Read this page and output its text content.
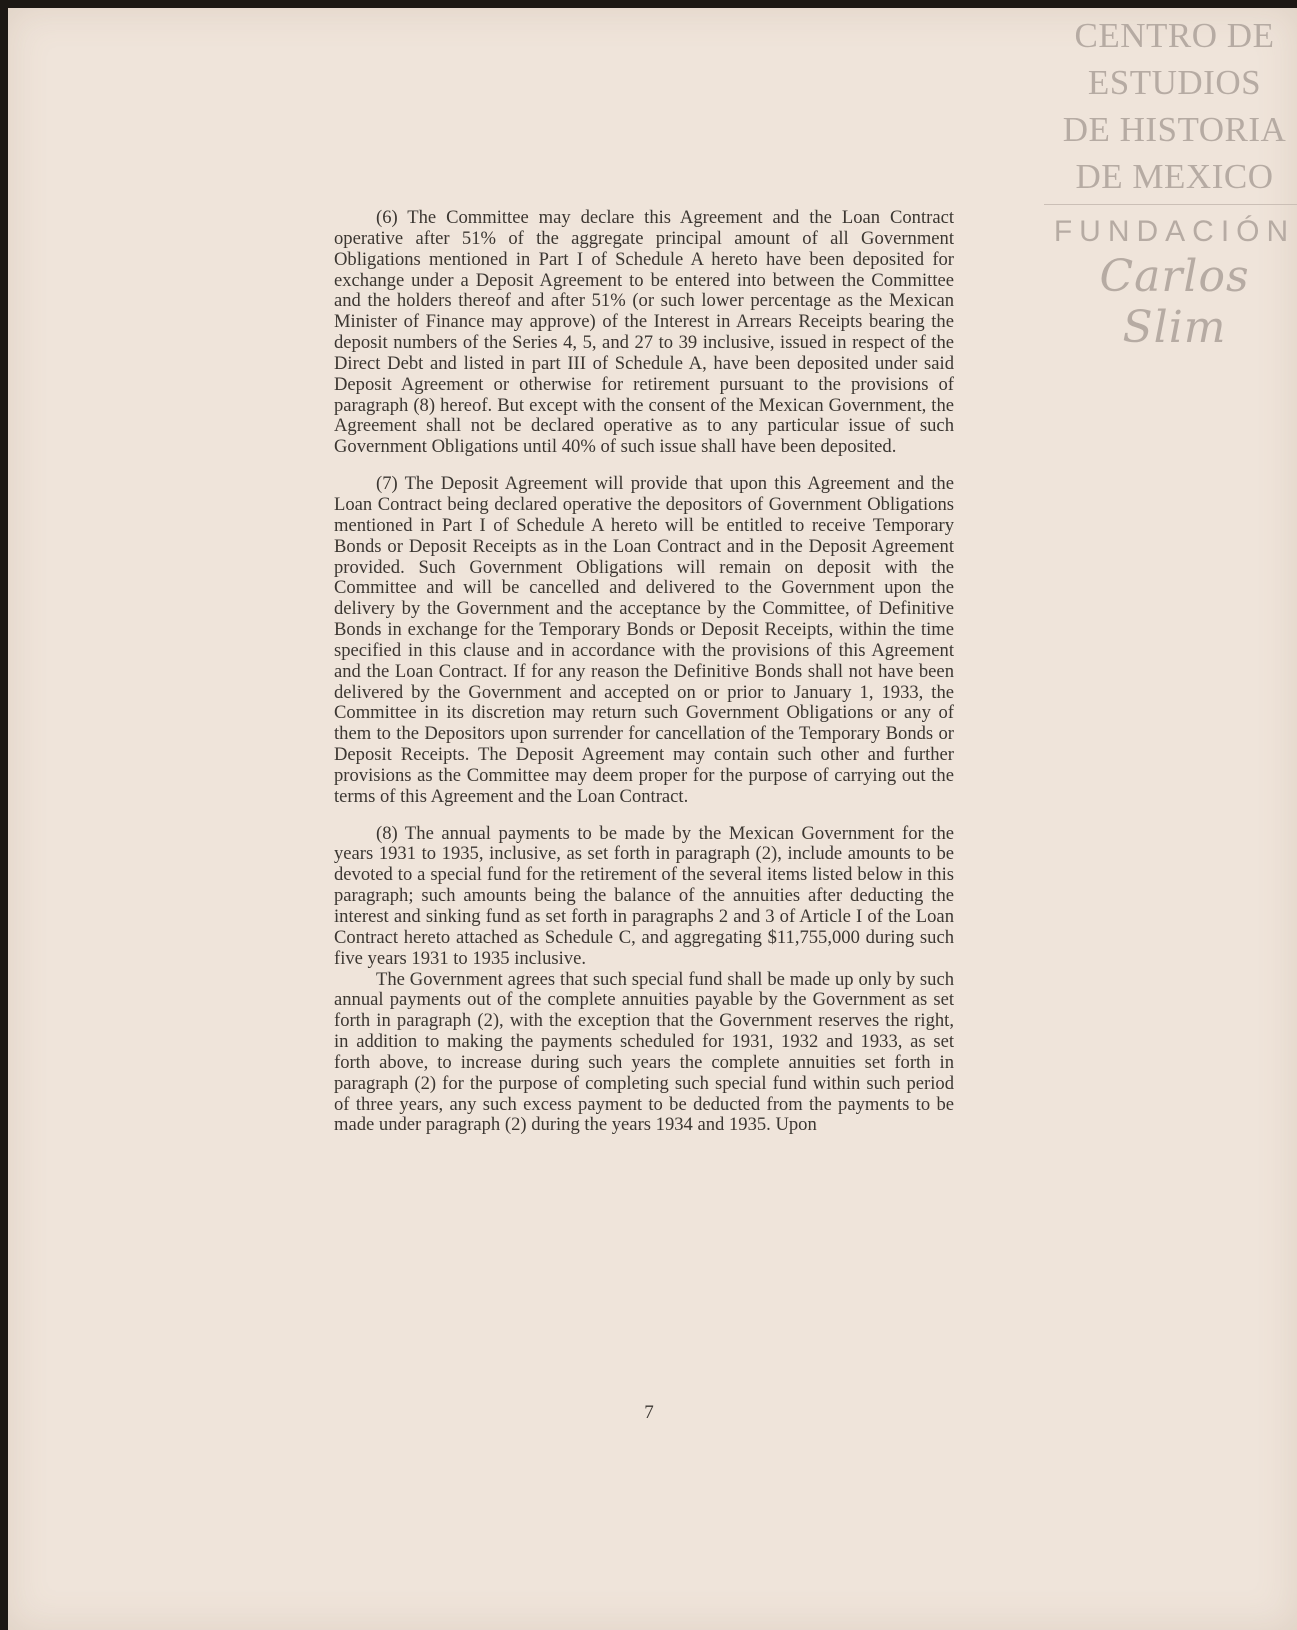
CENTRO DE
ESTUDIOS
DE HISTORIA
DE MEXICO
FUNDACIÓN
Carlos Slim

(6) The Committee may declare this Agreement and the Loan Contract operative after 51% of the aggregate principal amount of all Government Obligations mentioned in Part I of Schedule A hereto have been deposited for exchange under a Deposit Agreement to be entered into between the Committee and the holders thereof and after 51% (or such lower percentage as the Mexican Minister of Finance may approve) of the Interest in Arrears Receipts bearing the deposit numbers of the Series 4, 5, and 27 to 39 inclusive, issued in respect of the Direct Debt and listed in part III of Schedule A, have been deposited under said Deposit Agreement or otherwise for retirement pursuant to the provisions of paragraph (8) hereof. But except with the consent of the Mexican Government, the Agreement shall not be declared operative as to any particular issue of such Government Obligations until 40% of such issue shall have been deposited.

(7) The Deposit Agreement will provide that upon this Agreement and the Loan Contract being declared operative the depositors of Government Obligations mentioned in Part I of Schedule A hereto will be entitled to receive Temporary Bonds or Deposit Receipts as in the Loan Contract and in the Deposit Agreement provided. Such Government Obligations will remain on deposit with the Committee and will be cancelled and delivered to the Government upon the delivery by the Government and the acceptance by the Committee, of Definitive Bonds in exchange for the Temporary Bonds or Deposit Receipts, within the time specified in this clause and in accordance with the provisions of this Agreement and the Loan Contract. If for any reason the Definitive Bonds shall not have been delivered by the Government and accepted on or prior to January 1, 1933, the Committee in its discretion may return such Government Obligations or any of them to the Depositors upon surrender for cancellation of the Temporary Bonds or Deposit Receipts. The Deposit Agreement may contain such other and further provisions as the Committee may deem proper for the purpose of carrying out the terms of this Agreement and the Loan Contract.

(8) The annual payments to be made by the Mexican Government for the years 1931 to 1935, inclusive, as set forth in paragraph (2), include amounts to be devoted to a special fund for the retirement of the several items listed below in this paragraph; such amounts being the balance of the annuities after deducting the interest and sinking fund as set forth in paragraphs 2 and 3 of Article I of the Loan Contract hereto attached as Schedule C, and aggregating $11,755,000 during such five years 1931 to 1935 inclusive.

The Government agrees that such special fund shall be made up only by such annual payments out of the complete annuities payable by the Government as set forth in paragraph (2), with the exception that the Government reserves the right, in addition to making the payments scheduled for 1931, 1932 and 1933, as set forth above, to increase during such years the complete annuities set forth in paragraph (2) for the purpose of completing such special fund within such period of three years, any such excess payment to be deducted from the payments to be made under paragraph (2) during the years 1934 and 1935. Upon

7
